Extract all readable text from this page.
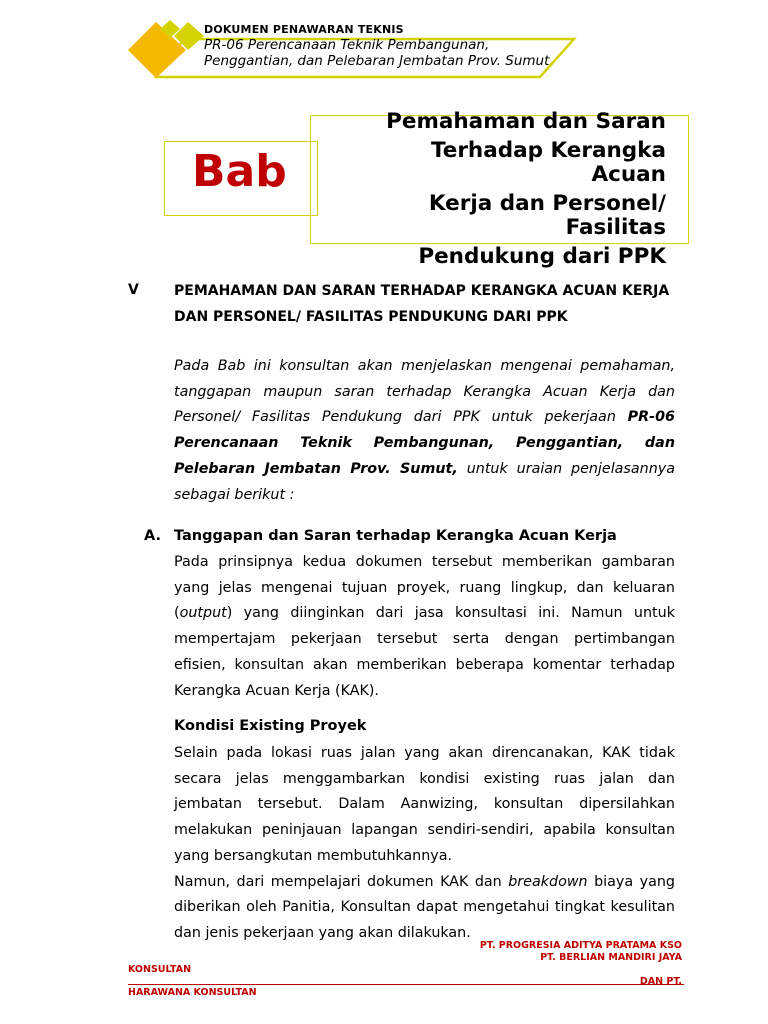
DOKUMEN PENAWARAN TEKNIS
PR-06 Perencanaan Teknik Pembangunan, Penggantian, dan Pelebaran Jembatan Prov. Sumut
Bab
Pemahaman dan Saran
Terhadap Kerangka Acuan
Kerja dan Personel/ Fasilitas
Pendukung dari PPK
V	PEMAHAMAN DAN SARAN TERHADAP KERANGKA ACUAN KERJA DAN PERSONEL/ FASILITAS PENDUKUNG DARI PPK

Pada Bab ini konsultan akan menjelaskan mengenai pemahaman, tanggapan maupun saran terhadap Kerangka Acuan Kerja dan Personel/ Fasilitas Pendukung dari PPK untuk pekerjaan PR-06 Perencanaan Teknik Pembangunan, Penggantian, dan Pelebaran Jembatan Prov. Sumut, untuk uraian penjelasannya sebagai berikut :

A. Tanggapan dan Saran terhadap Kerangka Acuan Kerja

Pada prinsipnya kedua dokumen tersebut memberikan gambaran yang jelas mengenai tujuan proyek, ruang lingkup, dan keluaran (output) yang diinginkan dari jasa konsultasi ini. Namun untuk mempertajam pekerjaan tersebut serta dengan pertimbangan efisien, konsultan akan memberikan beberapa komentar terhadap Kerangka Acuan Kerja (KAK).

Kondisi Existing Proyek

Selain pada lokasi ruas jalan yang akan direncanakan, KAK tidak secara jelas menggambarkan kondisi existing ruas jalan dan jembatan tersebut. Dalam Aanwizing, konsultan dipersilahkan melakukan peninjauan lapangan sendiri-sendiri, apabila konsultan yang bersangkutan membutuhkannya.

Namun, dari mempelajari dokumen KAK dan breakdown biaya yang diberikan oleh Panitia, Konsultan dapat mengetahui tingkat kesulitan dan jenis pekerjaan yang akan dilakukan.

PT. PROGRESIA ADITYA PRATAMA KSO
PT. BERLIAN MANDIRI JAYA
KONSULTAN
DAN PT.
HARAWANA KONSULTAN
